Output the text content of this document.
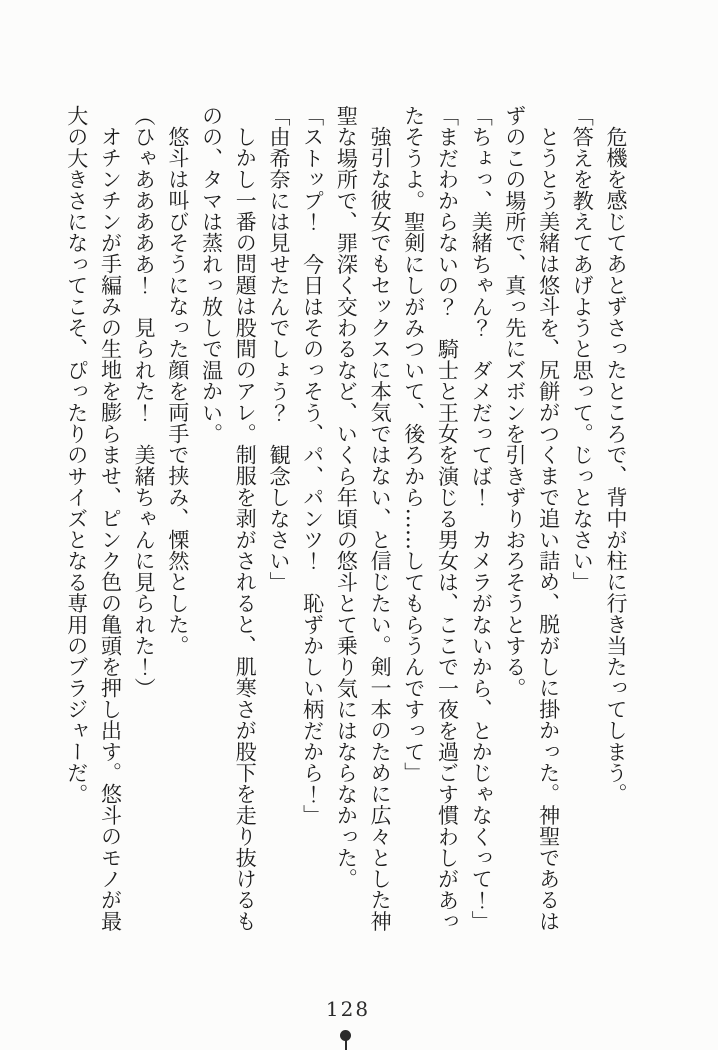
危機を感じてあとずさったところで、背中が柱に行き当たってしまう。

「答えを教えてあげようと思って。じっとなさい」

とうとう美緒は悠斗を、尻餅がつくまで追い詰め、脱がしに掛かった。神聖であるはずのこの場所で、真っ先にズボンを引きずりおろそうとする。

「ちょっ、美緒ちゃん？　ダメだってば！　カメラがないから、とかじゃなくって！」

「まだわからないの？　騎士と王女を演じる男女は、ここで一夜を過ごす慣わしがあったそうよ。聖剣にしがみついて、後ろから……してもらうんですって」

強引な彼女でもセックスに本気ではない、と信じたい。剣一本のために広々とした神聖な場所で、罪深く交わるなど、いくら年頃の悠斗とて乗り気にはならなかった。

「ストップ！　今日はそのっそう、パ、パンツ！　恥ずかしい柄だから！」

「由希奈には見せたんでしょう？　観念しなさい」

しかし一番の問題は股間のアレ。制服を剥がされると、肌寒さが股下を走り抜けるものの、タマは蒸れっ放しで温かい。

悠斗は叫びそうになった顔を両手で挟み、慄然とした。

（ひゃあああああ！　見られた！　美緒ちゃんに見られた！）

オチンチンが手編みの生地を膨らませ、ピンク色の亀頭を押し出す。悠斗のモノが最大の大きさになってこそ、ぴったりのサイズとなる専用のブラジャーだ。

128
